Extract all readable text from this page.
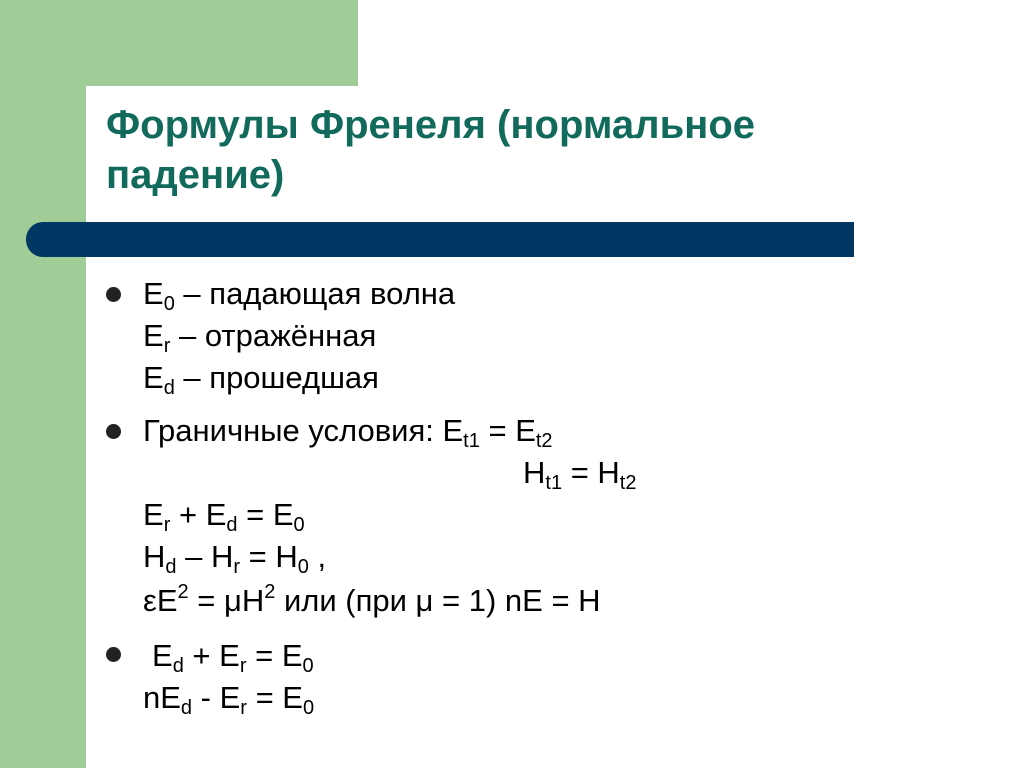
Формулы Френеля (нормальное
падение)
$E_0$ – падающая волна
$E_r$ – отражённая
$E_d$ – прошедшая
Граничные условия: $E_{t1} = E_{t2}$
$H_{t1} = H_{t2}$
$E_r + E_d = E_0$
$H_d - H_r = H_0$ ,
$\varepsilon E^2 = \mu H^2$ или (при μ = 1) nE = H
$E_d + E_r = E_0$
$nE_d - E_r = E_0$
